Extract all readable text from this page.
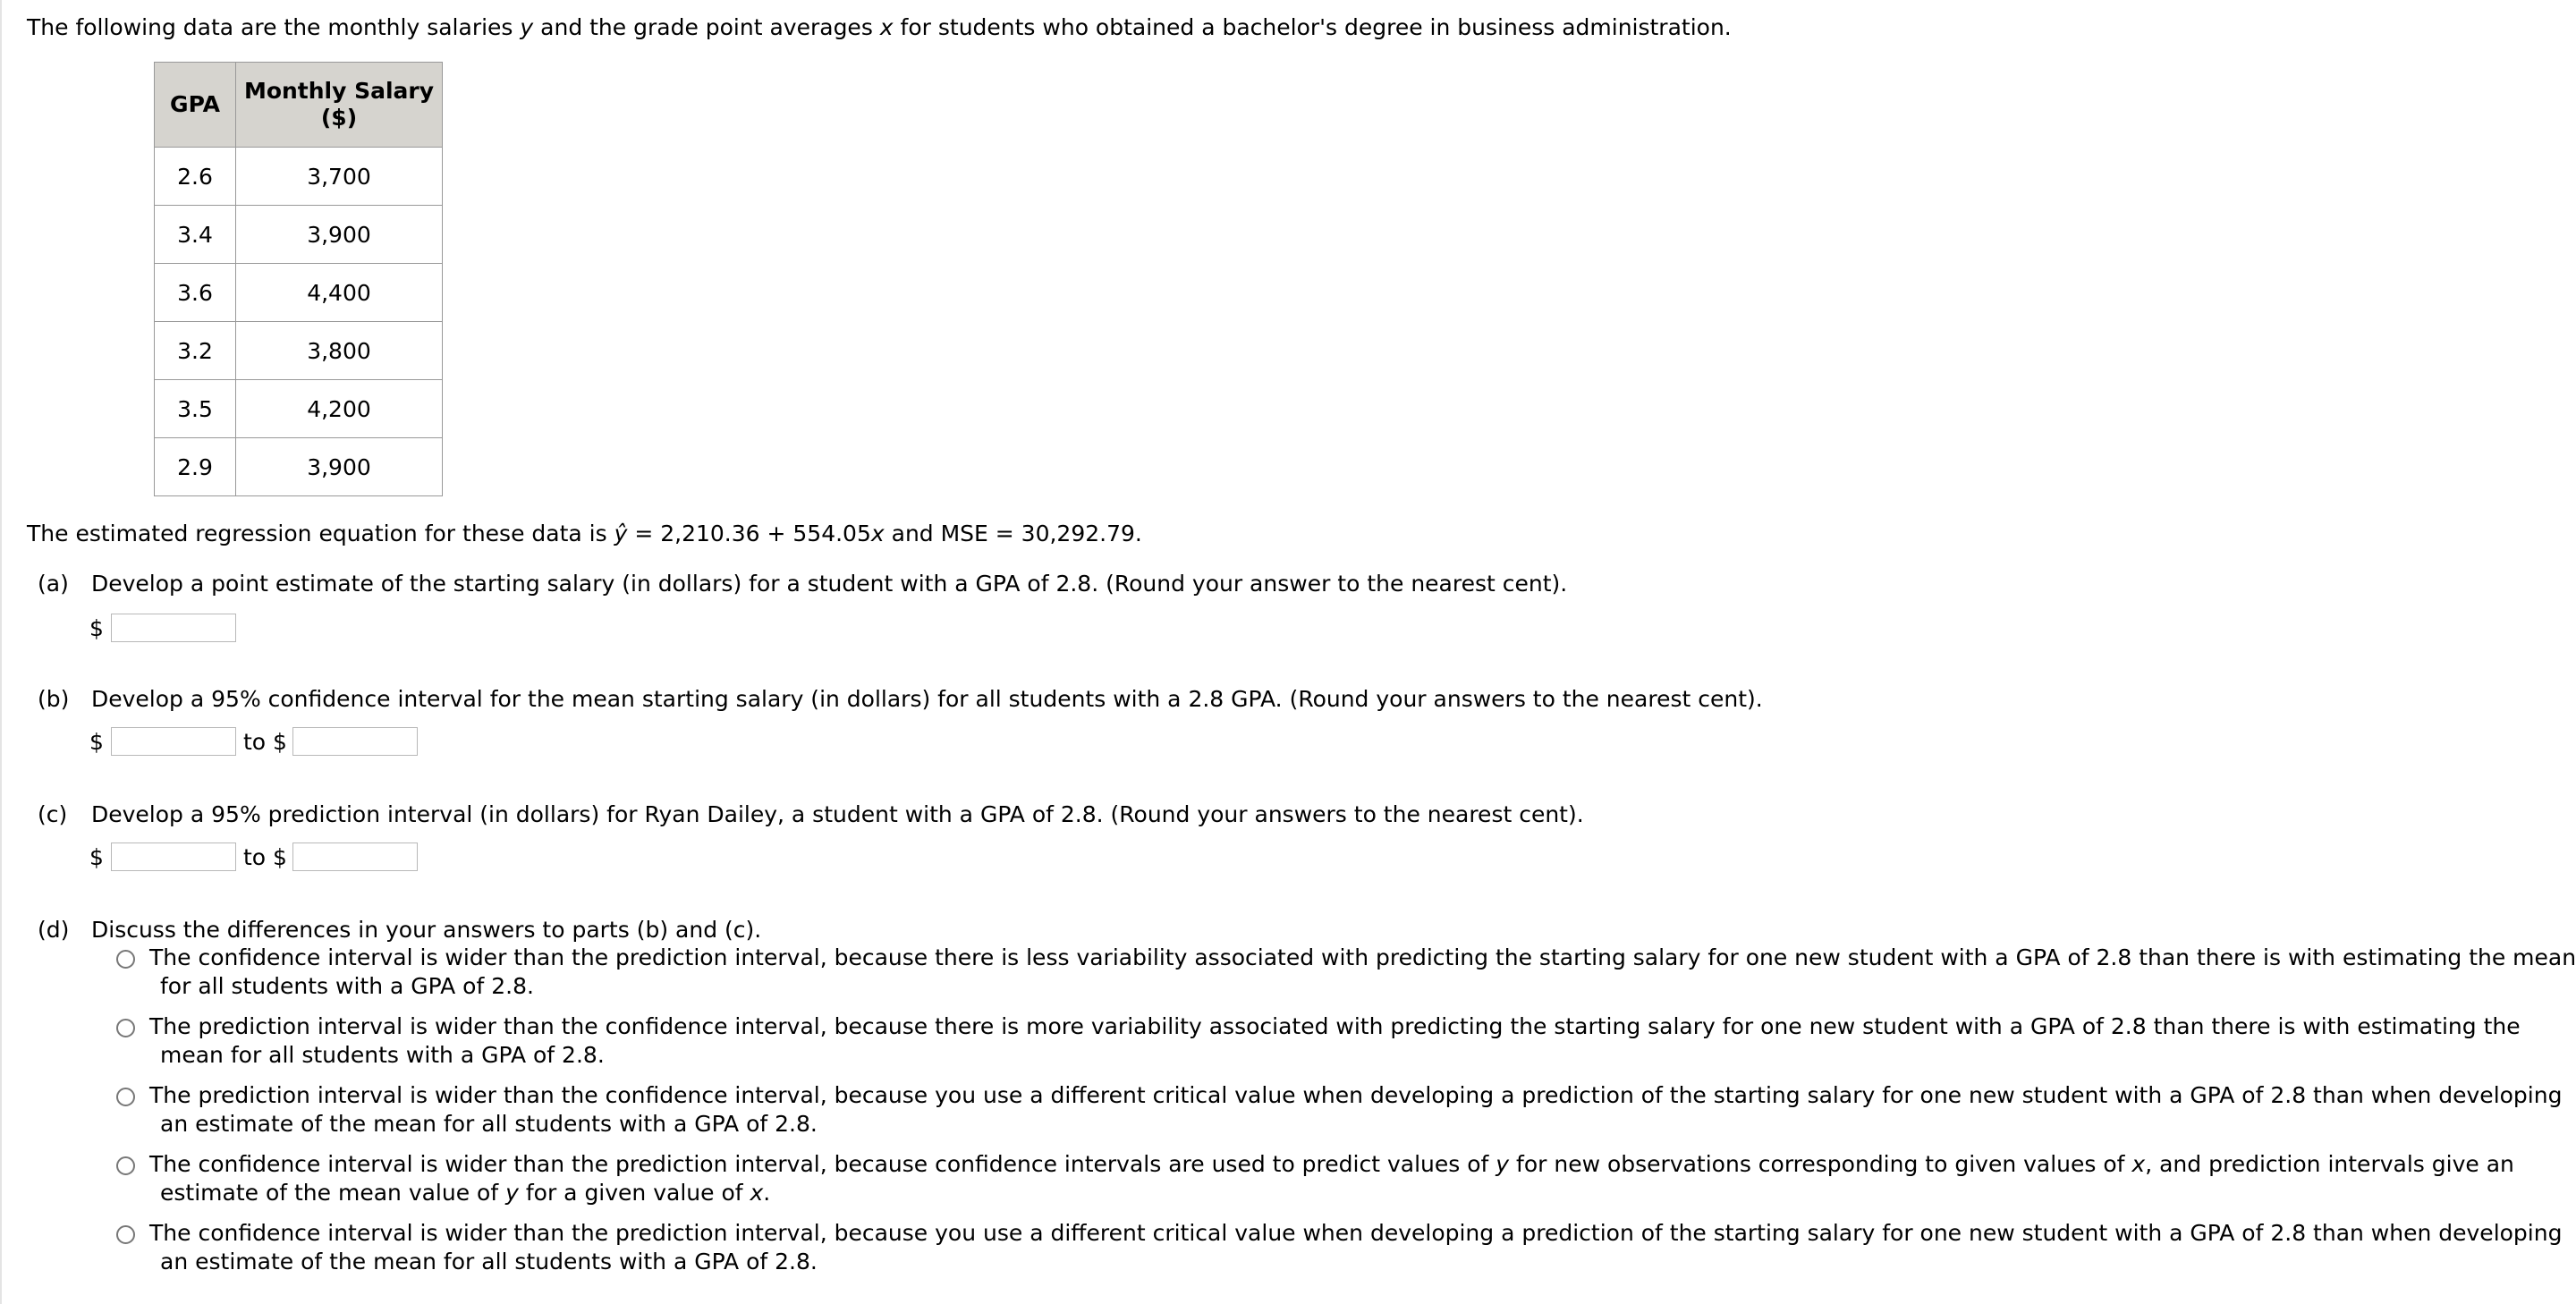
The following data are the monthly salaries y and the grade point averages x for students who obtained a bachelor's degree in business administration.
GPA	Monthly Salary
($)

2.6	3,700
3.4	3,900
3.6	4,400
3.2	3,800
3.5	4,200
2.9	3,900
The estimated regression equation for these data is ŷ = 2,210.36 + 554.05x and MSE = 30,292.79.
(a) Develop a point estimate of the starting salary (in dollars) for a student with a GPA of 2.8. (Round your answer to the nearest cent).
$
(b) Develop a 95% confidence interval for the mean starting salary (in dollars) for all students with a 2.8 GPA. (Round your answers to the nearest cent).
$	to $
(c) Develop a 95% prediction interval (in dollars) for Ryan Dailey, a student with a GPA of 2.8. (Round your answers to the nearest cent).
$	to $
(d) Discuss the differences in your answers to parts (b) and (c).
The confidence interval is wider than the prediction interval, because there is less variability associated with predicting the starting salary for one new student with a GPA of 2.8 than there is with estimating the mean
for all students with a GPA of 2.8.
The prediction interval is wider than the confidence interval, because there is more variability associated with predicting the starting salary for one new student with a GPA of 2.8 than there is with estimating the
mean for all students with a GPA of 2.8.
The prediction interval is wider than the confidence interval, because you use a different critical value when developing a prediction of the starting salary for one new student with a GPA of 2.8 than when developing
an estimate of the mean for all students with a GPA of 2.8.
The confidence interval is wider than the prediction interval, because confidence intervals are used to predict values of y for new observations corresponding to given values of x, and prediction intervals give an
estimate of the mean value of y for a given value of x.
The confidence interval is wider than the prediction interval, because you use a different critical value when developing a prediction of the starting salary for one new student with a GPA of 2.8 than when developing
an estimate of the mean for all students with a GPA of 2.8.
